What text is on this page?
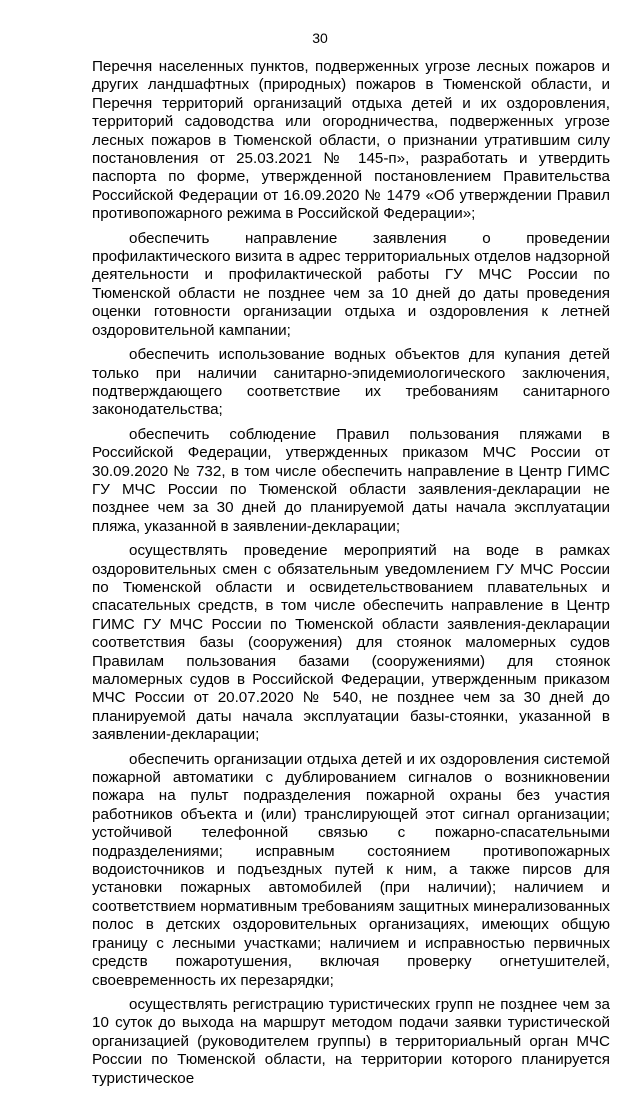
30

Перечня населенных пунктов, подверженных угрозе лесных пожаров и других ландшафтных (природных) пожаров в Тюменской области, и Перечня территорий организаций отдыха детей и их оздоровления, территорий садоводства или огородничества, подверженных угрозе лесных пожаров в Тюменской области, о признании утратившим силу постановления от 25.03.2021 № 145-п», разработать и утвердить паспорта по форме, утвержденной постановлением Правительства Российской Федерации от 16.09.2020 № 1479 «Об утверждении Правил противопожарного режима в Российской Федерации»;

обеспечить направление заявления о проведении профилактического визита в адрес территориальных отделов надзорной деятельности и профилактической работы ГУ МЧС России по Тюменской области не позднее чем за 10 дней до даты проведения оценки готовности организации отдыха и оздоровления к летней оздоровительной кампании;

обеспечить использование водных объектов для купания детей только при наличии санитарно-эпидемиологического заключения, подтверждающего соответствие их требованиям санитарного законодательства;

обеспечить соблюдение Правил пользования пляжами в Российской Федерации, утвержденных приказом МЧС России от 30.09.2020 № 732, в том числе обеспечить направление в Центр ГИМС ГУ МЧС России по Тюменской области заявления-декларации не позднее чем за 30 дней до планируемой даты начала эксплуатации пляжа, указанной в заявлении-декларации;

осуществлять проведение мероприятий на воде в рамках оздоровительных смен с обязательным уведомлением ГУ МЧС России по Тюменской области и освидетельствованием плавательных и спасательных средств, в том числе обеспечить направление в Центр ГИМС ГУ МЧС России по Тюменской области заявления-декларации соответствия базы (сооружения) для стоянок маломерных судов Правилам пользования базами (сооружениями) для стоянок маломерных судов в Российской Федерации, утвержденным приказом МЧС России от 20.07.2020 № 540, не позднее чем за 30 дней до планируемой даты начала эксплуатации базы-стоянки, указанной в заявлении-декларации;

обеспечить организации отдыха детей и их оздоровления системой пожарной автоматики с дублированием сигналов о возникновении пожара на пульт подразделения пожарной охраны без участия работников объекта и (или) транслирующей этот сигнал организации; устойчивой телефонной связью с пожарно-спасательными подразделениями; исправным состоянием противопожарных водоисточников и подъездных путей к ним, а также пирсов для установки пожарных автомобилей (при наличии); наличием и соответствием нормативным требованиям защитных минерализованных полос в детских оздоровительных организациях, имеющих общую границу с лесными участками; наличием и исправностью первичных средств пожаротушения, включая проверку огнетушителей, своевременность их перезарядки;

осуществлять регистрацию туристических групп не позднее чем за 10 суток до выхода на маршрут методом подачи заявки туристической организацией (руководителем группы) в территориальный орган МЧС России по Тюменской области, на территории которого планируется туристическое
